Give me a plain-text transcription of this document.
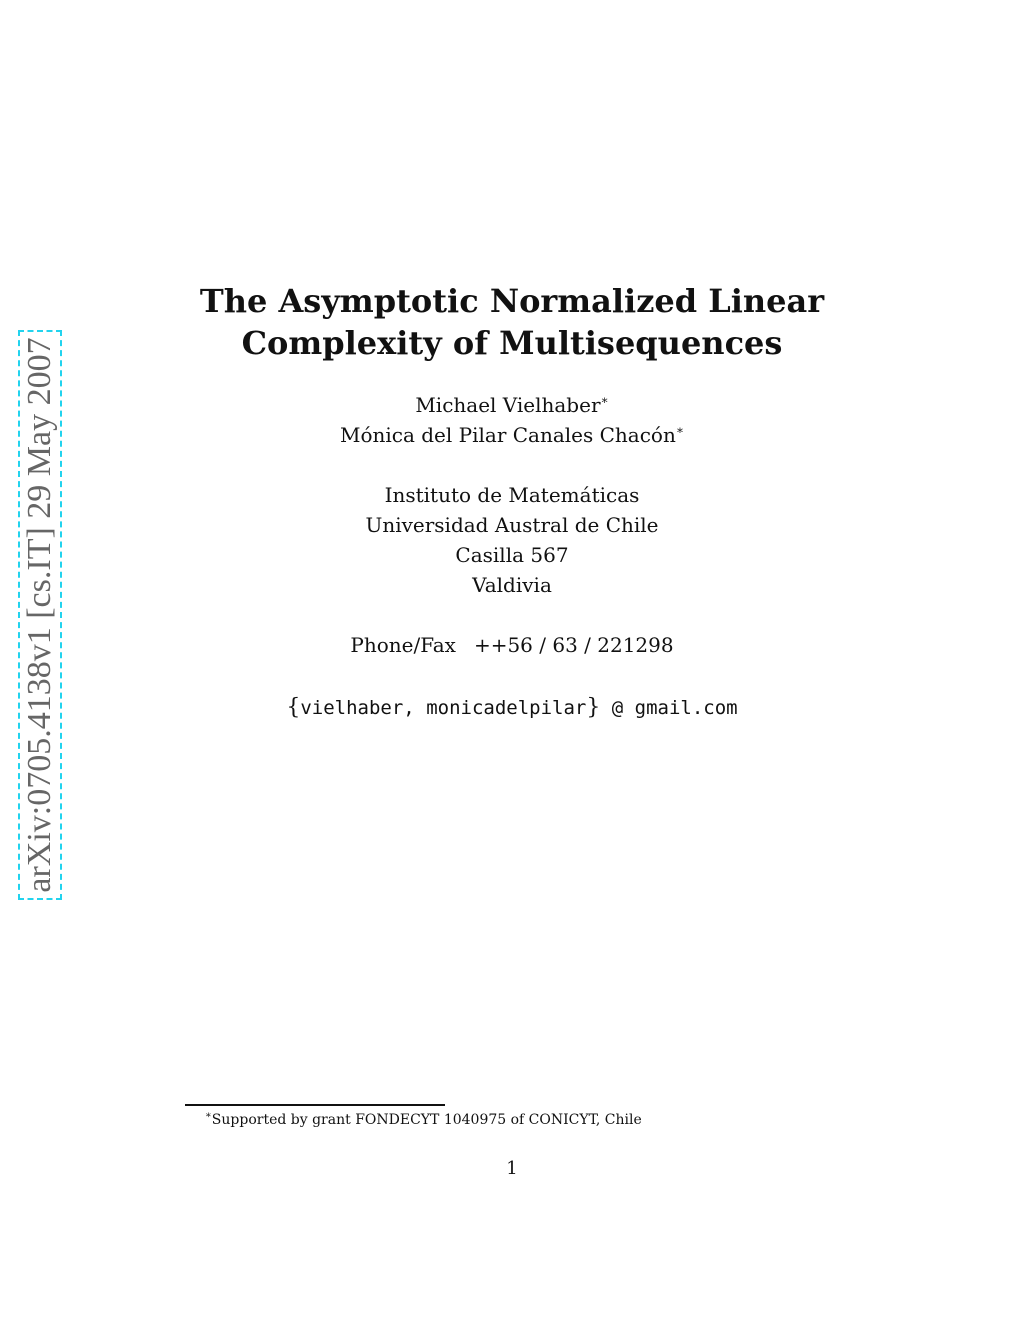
arXiv:0705.4138v1 [cs.IT] 29 May 2007
The Asymptotic Normalized Linear
Complexity of Multisequences
Michael Vielhaber∗
Mónica del Pilar Canales Chacón∗
Instituto de Matemáticas
Universidad Austral de Chile
Casilla 567
Valdivia
Phone/Fax ++56 / 63 / 221298
{vielhaber, monicadelpilar} @ gmail.com
∗Supported by grant FONDECYT 1040975 of CONICYT, Chile
1
